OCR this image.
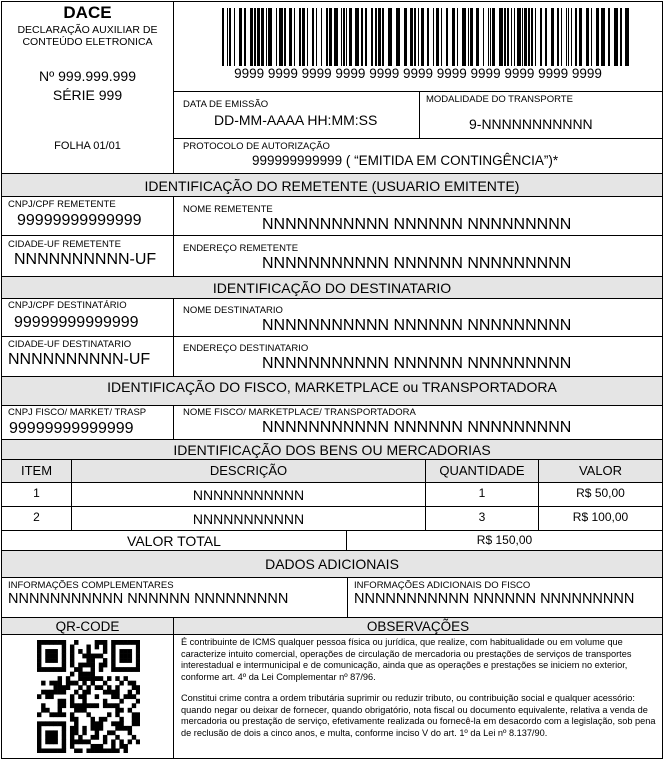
DACE
DECLARAÇÃO AUXILIAR DE
CONTEÚDO ELETRONICA
Nº 999.999.999
SÉRIE 999
FOLHA 01/01
9999 9999 9999 9999 9999 9999 9999 9999 9999 9999 9999
DATA DE EMISSÃO
DD-MM-AAAA HH:MM:SS
MODALIDADE DO TRANSPORTE
9-NNNNNNNNNNN
PROTOCOLO DE AUTORIZAÇÃO
999999999999 ( “EMITIDA EM CONTINGÊNCIA”)*
IDENTIFICAÇÃO DO REMETENTE (USUARIO EMITENTE)
CNPJ/CPF REMETENTE
99999999999999
NOME REMETENTE
NNNNNNNNNNN NNNNNN NNNNNNNNN
CIDADE-UF REMETENTE
NNNNNNNNNN-UF
ENDEREÇO REMETENTE
NNNNNNNNNNN NNNNNN NNNNNNNNN
IDENTIFICAÇÃO DO DESTINATARIO
CNPJ/CPF DESTINATÁRIO
99999999999999
NOME DESTINATARIO
NNNNNNNNNNN NNNNNN NNNNNNNNN
CIDADE-UF DESTINATARIO
NNNNNNNNNN-UF
ENDEREÇO DESTINATARIO
NNNNNNNNNNN NNNNNN NNNNNNNNN
IDENTIFICAÇÃO DO FISCO, MARKETPLACE ou TRANSPORTADORA
CNPJ FISCO/ MARKET/ TRASP
99999999999999
NOME FISCO/ MARKETPLACE/ TRANSPORTADORA
NNNNNNNNNNN NNNNNN NNNNNNNNN
IDENTIFICAÇÃO DOS BENS OU MERCADORIAS
ITEM	DESCRIÇÃO	QUANTIDADE	VALOR
1	NNNNNNNNNNN	1	R$ 50,00
2	NNNNNNNNNNN	3	R$ 100,00
VALOR TOTAL	R$ 150,00
DADOS ADICIONAIS
INFORMAÇÕES COMPLEMENTARES
NNNNNNNNNNN NNNNNN NNNNNNNNN
INFORMAÇÕES ADICIONAIS DO FISCO
NNNNNNNNNNN NNNNNN NNNNNNNNN
QR-CODE	OBSERVAÇÕES
É contribuinte de ICMS qualquer pessoa física ou jurídica, que realize, com habitualidade ou em volume que caracterize intuito comercial, operações de circulação de mercadoria ou prestações de serviços de transportes interestadual e intermunicipal e de comunicação, ainda que as operações e prestações se iniciem no exterior, conforme art. 4º da Lei Complementar nº 87/96.
Constitui crime contra a ordem tributária suprimir ou reduzir tributo, ou contribuição social e qualquer acessório: quando negar ou deixar de fornecer, quando obrigatório, nota fiscal ou documento equivalente, relativa a venda de mercadoria ou prestação de serviço, efetivamente realizada ou fornecê-la em desacordo com a legislação, sob pena de reclusão de dois a cinco anos, e multa, conforme inciso V do art. 1º da Lei nº 8.137/90.
